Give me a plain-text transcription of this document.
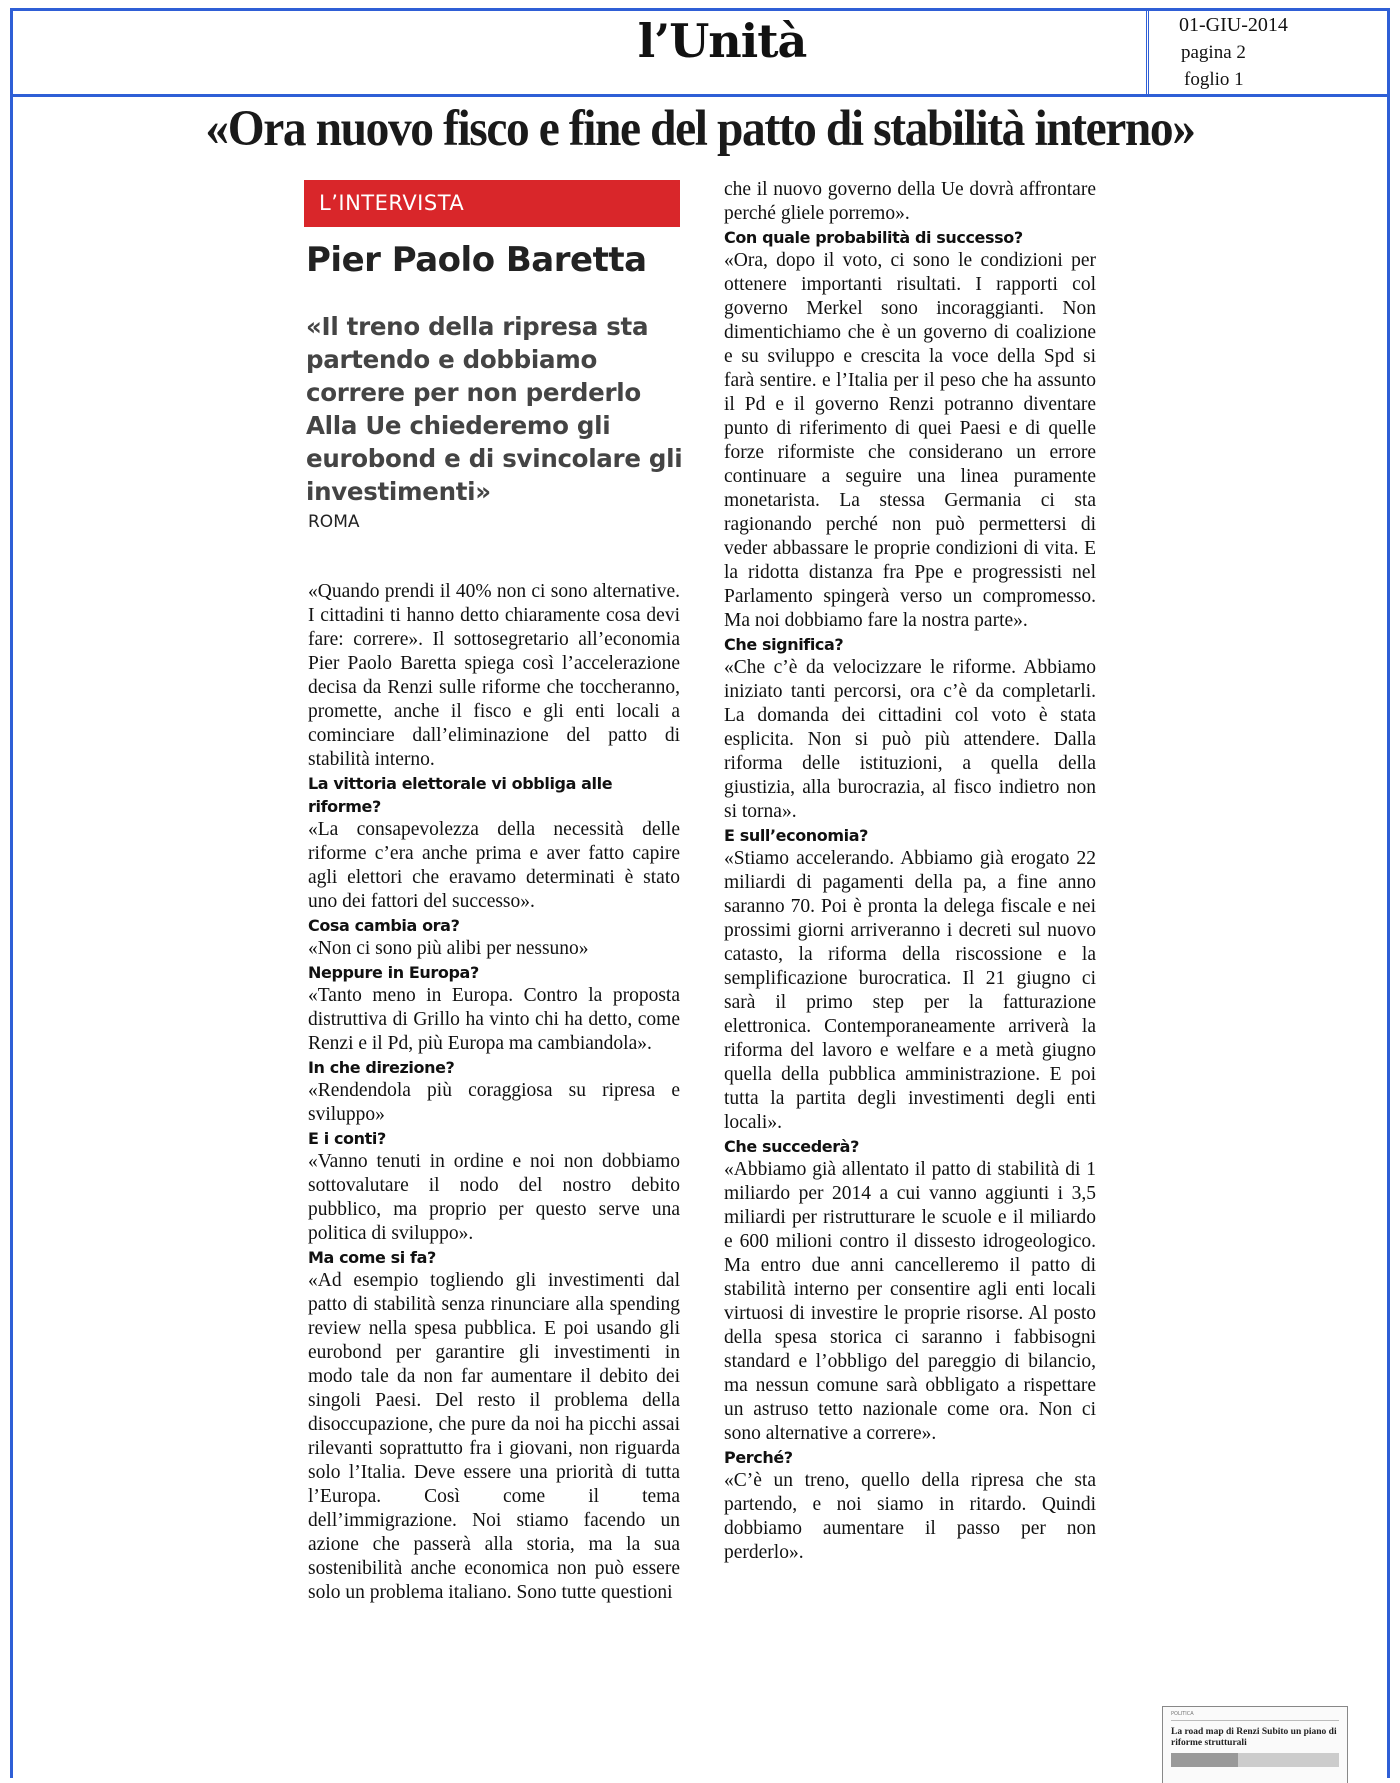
l’Unità	01-GIU-2014
pagina 2
foglio 1
«Ora nuovo fisco e fine del patto di stabilità interno»
L’INTERVISTA
Pier Paolo Baretta
«Il treno della ripresa sta partendo e dobbiamo correre per non perderlo Alla Ue chiederemo gli eurobond e di svincolare gli investimenti»
ROMA

«Quando prendi il 40% non ci sono alternative. I cittadini ti hanno detto chiaramente cosa devi fare: correre». Il sottosegretario all’economia Pier Paolo Baretta spiega così l’accelerazione decisa da Renzi sulle riforme che toccheranno, promette, anche il fisco e gli enti locali a cominciare dall’eliminazione del patto di stabilità interno.

La vittoria elettorale vi obbliga alle riforme?

«La consapevolezza della necessità delle riforme c’era anche prima e aver fatto capire agli elettori che eravamo determinati è stato uno dei fattori del successo».

Cosa cambia ora?

«Non ci sono più alibi per nessuno»

Neppure in Europa?

«Tanto meno in Europa. Contro la proposta distruttiva di Grillo ha vinto chi ha detto, come Renzi e il Pd, più Europa ma cambiandola».

In che direzione?

«Rendendola più coraggiosa su ripresa e sviluppo»

E i conti?

«Vanno tenuti in ordine e noi non dobbiamo sottovalutare il nodo del nostro debito pubblico, ma proprio per questo serve una politica di sviluppo».

Ma come si fa?

«Ad esempio togliendo gli investimenti dal patto di stabilità senza rinunciare alla spending review nella spesa pubblica. E poi usando gli eurobond per garantire gli investimenti in modo tale da non far aumentare il debito dei singoli Paesi. Del resto il problema della disoccupazione, che pure da noi ha picchi assai rilevanti soprattutto fra i giovani, non riguarda solo l’Italia. Deve essere una priorità di tutta l’Europa. Così come il tema dell’immigrazione. Noi stiamo facendo un azione che passerà alla storia, ma la sua sostenibilità anche economica non può essere solo un problema italiano. Sono tutte questioni

che il nuovo governo della Ue dovrà affrontare perché gliele porremo».

Con quale probabilità di successo?

«Ora, dopo il voto, ci sono le condizioni per ottenere importanti risultati. I rapporti col governo Merkel sono incoraggianti. Non dimentichiamo che è un governo di coalizione e su sviluppo e crescita la voce della Spd si farà sentire. e l’Italia per il peso che ha assunto il Pd e il governo Renzi potranno diventare punto di riferimento di quei Paesi e di quelle forze riformiste che considerano un errore continuare a seguire una linea puramente monetarista. La stessa Germania ci sta ragionando perché non può permettersi di veder abbassare le proprie condizioni di vita. E la ridotta distanza fra Ppe e progressisti nel Parlamento spingerà verso un compromesso. Ma noi dobbiamo fare la nostra parte».

Che significa?

«Che c’è da velocizzare le riforme. Abbiamo iniziato tanti percorsi, ora c’è da completarli. La domanda dei cittadini col voto è stata esplicita. Non si può più attendere. Dalla riforma delle istituzioni, a quella della giustizia, alla burocrazia, al fisco indietro non si torna».

E sull’economia?

«Stiamo accelerando. Abbiamo già erogato 22 miliardi di pagamenti della pa, a fine anno saranno 70. Poi è pronta la delega fiscale e nei prossimi giorni arriveranno i decreti sul nuovo catasto, la riforma della riscossione e la semplificazione burocratica. Il 21 giugno ci sarà il primo step per la fatturazione elettronica. Contemporaneamente arriverà la riforma del lavoro e welfare e a metà giugno quella della pubblica amministrazione. E poi tutta la partita degli investimenti degli enti locali».

Che succederà?

«Abbiamo già allentato il patto di stabilità di 1 miliardo per 2014 a cui vanno aggiunti i 3,5 miliardi per ristrutturare le scuole e il miliardo e 600 milioni contro il dissesto idrogeologico. Ma entro due anni cancelleremo il patto di stabilità interno per consentire agli enti locali virtuosi di investire le proprie risorse. Al posto della spesa storica ci saranno i fabbisogni standard e l’obbligo del pareggio di bilancio, ma nessun comune sarà obbligato a rispettare un astruso tetto nazionale come ora. Non ci sono alternative a correre».

Perché?

«C’è un treno, quello della ripresa che sta partendo, e noi siamo in ritardo. Quindi dobbiamo aumentare il passo per non perderlo».

POLITICA
La road map di Renzi Subito un piano di riforme strutturali
